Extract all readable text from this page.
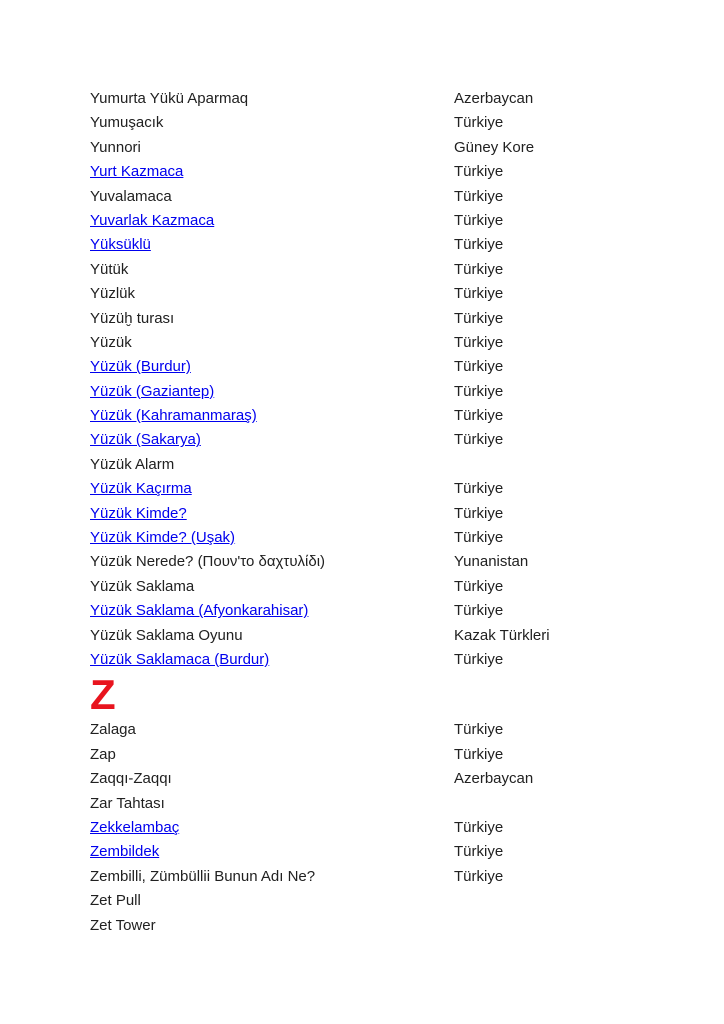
Yumurta Yükü Aparmaq	Azerbaycan
Yumuşacık	Türkiye
Yunnori	Güney Kore
Yurt Kazmaca	Türkiye
Yuvalamaca	Türkiye
Yuvarlak Kazmaca	Türkiye
Yüksüklü	Türkiye
Yütük	Türkiye
Yüzlük	Türkiye
Yüzüḫ turası	Türkiye
Yüzük	Türkiye
Yüzük (Burdur)	Türkiye
Yüzük (Gaziantep)	Türkiye
Yüzük (Kahramanmaraş)	Türkiye
Yüzük (Sakarya)	Türkiye
Yüzük Alarm
Yüzük Kaçırma	Türkiye
Yüzük Kimde?	Türkiye
Yüzük Kimde? (Uşak)	Türkiye
Yüzük Nerede? (Πουν'το δαχτυλίδι)	Yunanistan
Yüzük Saklama	Türkiye
Yüzük Saklama (Afyonkarahisar)	Türkiye
Yüzük Saklama Oyunu	Kazak Türkleri
Yüzük Saklamaca (Burdur)	Türkiye
Z
Zalaga	Türkiye
Zap	Türkiye
Zaqqı-Zaqqı	Azerbaycan
Zar Tahtası
Zekkelambaç	Türkiye
Zembildek	Türkiye
Zembilli, Zümbüllii Bunun Adı Ne?	Türkiye
Zet Pull
Zet Tower
